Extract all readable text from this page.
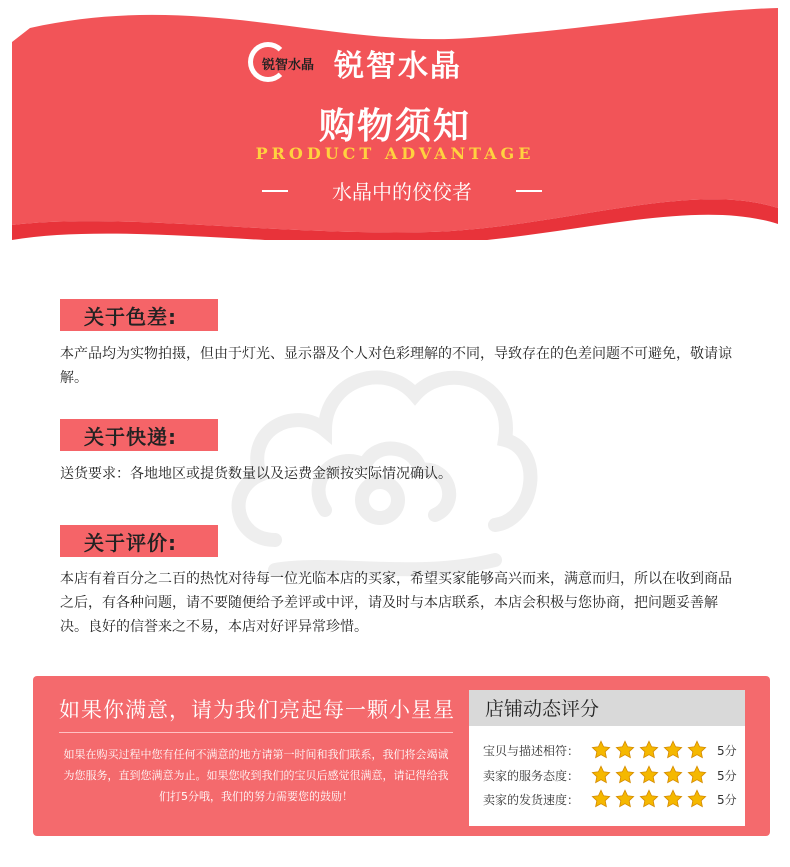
锐智水晶 锐智水晶
购物须知
PRODUCT ADVANTAGE
水晶中的佼佼者
关于色差:
本产品均为实物拍摄，但由于灯光、显示器及个人对色彩理解的不同，导致存在的色差问题不可避免，敬请谅解。
关于快递:
送货要求：各地地区或提货数量以及运费金额按实际情况确认。
关于评价:
本店有着百分之二百的热忱对待每一位光临本店的买家，希望买家能够高兴而来，满意而归，所以在收到商品之后，有各种问题，请不要随便给予差评或中评，请及时与本店联系，本店会积极与您协商，把问题妥善解决。良好的信誉来之不易，本店对好评异常珍惜。
如果你满意，请为我们亮起每一颗小星星
如果在购买过程中您有任何不满意的地方请第一时间和我们联系，我们将会竭诚为您服务，直到您满意为止。如果您收到我们的宝贝后感觉很满意，请记得给我们打5分哦，我们的努力需要您的鼓励！
店铺动态评分
宝贝与描述相符：	5分
卖家的服务态度：	5分
卖家的发货速度：	5分
